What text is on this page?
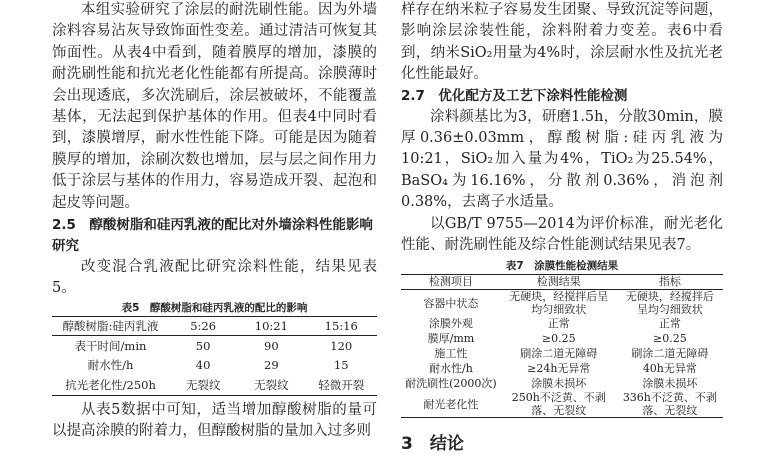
本组实验研究了涂层的耐洗刷性能。因为外墙涂料容易沾灰导致饰面性变差。通过清洁可恢复其饰面性。从表4中看到，随着膜厚的增加，漆膜的耐洗刷性能和抗光老化性能都有所提高。涂膜薄时会出现透底，多次洗刷后，涂层被破坏，不能覆盖基体，无法起到保护基体的作用。但表4中同时看到，漆膜增厚，耐水性性能下降。可能是因为随着膜厚的增加，涂刷次数也增加，层与层之间作用力低于涂层与基体的作用力，容易造成开裂、起泡和起皮等问题。

2.5　醇酸树脂和硅丙乳液的配比对外墙涂料性能影响研究

改变混合乳液配比研究涂料性能，结果见表5。

表5　醇酸树脂和硅丙乳液的配比的影响
醇酸树脂:硅丙乳液	5:26	10:21	15:16
表干时间/min	50	90	120
耐水性/h	40	29	15
抗光老化性/250h	无裂纹	无裂纹	轻微开裂

从表5数据中可知，适当增加醇酸树脂的量可以提高涂膜的附着力，但醇酸树脂的量加入过多则

样存在纳米粒子容易发生团聚、导致沉淀等问题，影响涂层涂装性能，涂料附着力变差。表6中看到，纳米SiO₂用量为4%时，涂层耐水性及抗光老化性能最好。

2.7　优化配方及工艺下涂料性能检测

涂料颜基比为3，研磨1.5h，分散30min，膜厚0.36±0.03mm，醇酸树脂:硅丙乳液为10:21，SiO₂加入量为4%，TiO₂为25.54%，BaSO₄为16.16%，分散剂0.36%，消泡剂0.38%，去离子水适量。

以GB/T 9755—2014为评价标准，耐光老化性能、耐洗刷性能及综合性能测试结果见表7。

表7　涂膜性能检测结果
检测项目	检测结果	指标
容器中状态	无硬块，经搅拌后呈均匀细致状	无硬块，经搅拌后呈均匀细致状
涂膜外观	正常	正常
膜厚/mm	≥0.25	≥0.25
施工性	刷涂二道无障碍	刷涂二道无障碍
耐水性/h	≥24h无异常	40h无异常
耐洗刷性(2000次)	涂膜未损坏	涂膜未损坏
耐光老化性	250h不泛黄、不剥落、无裂纹	336h不泛黄、不剥落、无裂纹
3　结论
